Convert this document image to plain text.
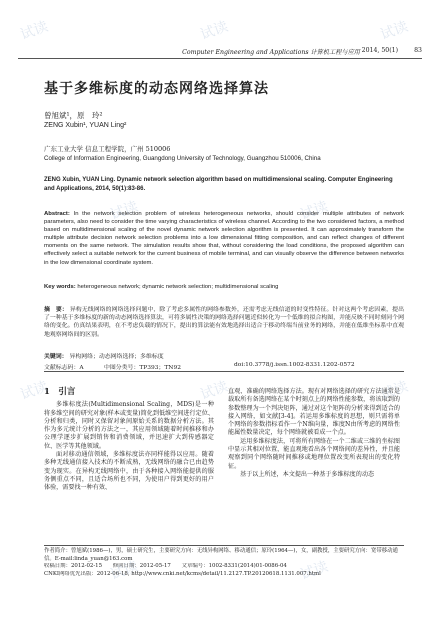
Computer Engineering and Applications 计算机工程与应用 2014, 50(1)	83
基于多维标度的动态网络选择算法
曾旭斌¹，原　玲²
ZENG Xubin¹, YUAN Ling²
广东工业大学 信息工程学院，广州 510006
College of Information Engineering, Guangdong University of Technology, Guangzhou 510006, China
ZENG Xubin, YUAN Ling. Dynamic network selection algorithm based on multidimensional scaling. Computer Engineering and Applications, 2014, 50(1):83-86.
Abstract: In the network selection problem of wireless heterogeneous networks, should consider multiple attributes of network parameters, also need to consider the time varying characteristics of wireless channel. According to the two considered factors, a method based on multidimensional scaling of the novel dynamic network selection algorithm is presented. It can approximately transform the multiple attribute decision network selection problems into a low dimensional fitting composition, and can reflect changes of different moments on the same network. The simulation results show that, without considering the load conditions, the proposed algorithm can effectively select a suitable network for the current business of mobile terminal, and can visually observe the difference between networks in the low dimensional coordinate system.
Key words: heterogeneous network; dynamic network selection; multidimensional scaling
摘　要： 异构无线网络的网络选择问题中，除了考虑多属性的网络参数外，还需考虑无线信道的时变性特征。针对这两个考虑因素，提出了一种基于多维标度的新的动态网络选择算法，可将多属性决策的网络选择问题近似转化为一个低维的拟合构图，并能反映不同时刻同个网络的变化。仿真结果表明，在不考虑负载的情况下，提出的算法能有效地选择出适合于移动终端当前业务的网络，并能在低维坐标系中直观地观察网络间的区别。
关键词： 异构网络；动态网络选择；多维标度
文献标志码：A	中图分类号：TP393；TN92	doi:10.3778/j.issn.1002-8331.1202-0572
1　引言

多维标度法(Multidimensional Scaling，MDS)是一种将多维空间的研究对象(样本或变量)简化到低维空间进行定位、分析和归类，同时又保留对象间原始关系的数据分析方法。其作为多元统计分析的方法之一，其应用领域随着时间推移和办公理学逐步扩展到销售和消费领域，并迅速扩大到传感器定位、医学等其他领域。

面对移动通信领域，多维标度法亦同样能得以应用。随着多种无线通信接入技术的不断成熟，无线网络的融合已由趋势变为现实。在异构无线网络中，由于各种接入网络能提供的服务侧重点不同，且适合场所也不同，为使用户得到更好的用户体验，需要找一种有效、

直观、准确的网络选择方法。现有对网络选择的研究方法通常是载取所有备选网络在某个时刻点上的网络性能参数，将该取到的参数整理为一个判决矩阵，通过对这个矩阵的分析来得到适合的接入网络，如文献[3-4]。若运用多维标度的思想，则只需将单个网络的参数指标看作一个N维向量，维度N由所考虑的网络性能属性数量决定，每个网络就被看成一个点。

运用多维标度法，可将所有网络在一个二维或三维的坐标图中显示其相对位置，能直观地看出各个网络间的差异性，并且能观察到同个网络随时间推移或地理位置改变所表现出的变化特征。

基于以上所述，本文提出一种基于多维标度的动态

作者简介：曾旭斌(1986—)，男，硕士研究生，主要研究方向：无线异构网络、移动通信；原玲(1964—)，女，副教授，主要研究方向：宽带移动通信。E-mail:linda_yuan@163.com
收稿日期：2012-02-15　　修回日期：2012-05-17　　文章编号：1002-8331(2014)01-0086-04
CNKI网络优先出版：2012-06-18, http://www.cnki.net/kcms/detail/11.2127.TP.20120618.1131.007.html
试读	试读	试读
试读	试读
试读	试读	试读
试读	试读
